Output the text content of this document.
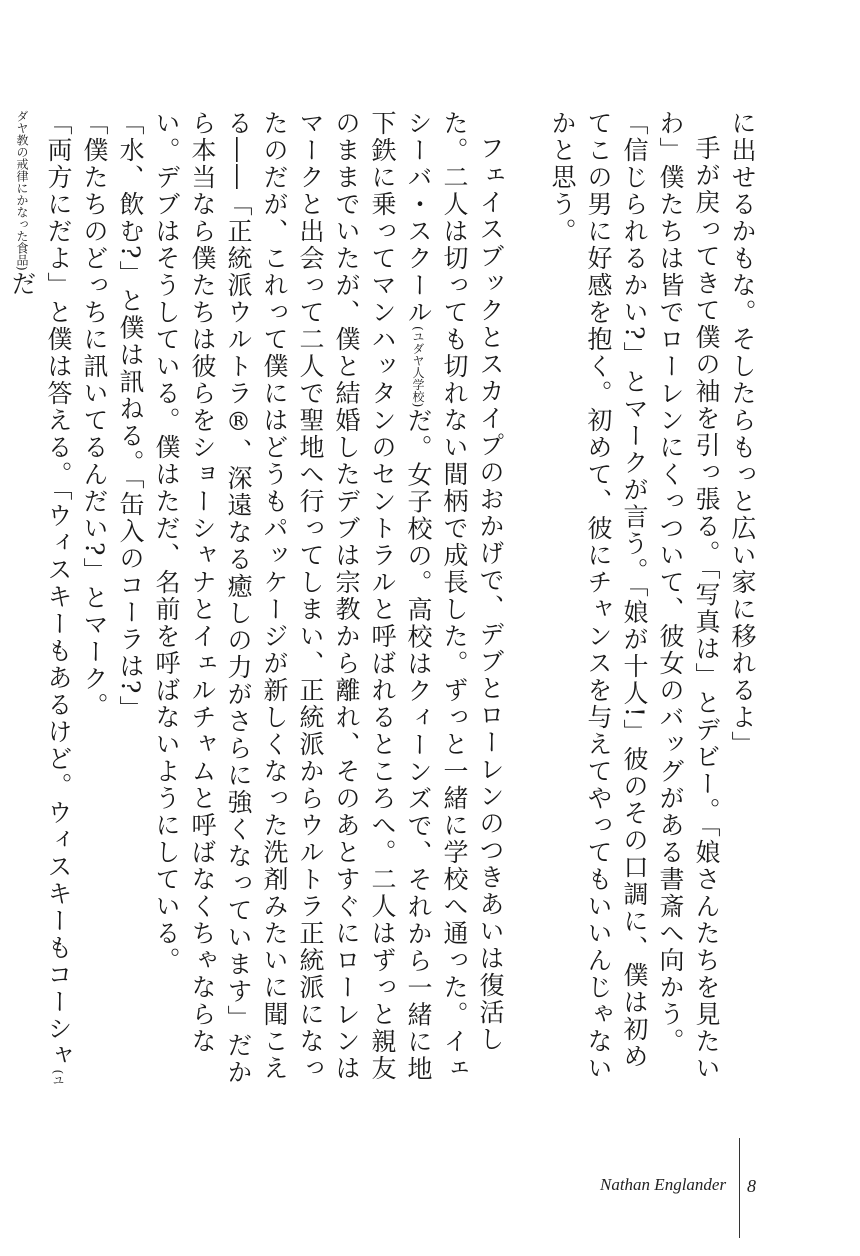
に出せるかもな。そしたらもっと広い家に移れるよ」

手が戻ってきて僕の袖を引っ張る。「写真は」とデビー。「娘さんたちを見たいわ」僕たちは皆でローレンにくっついて、彼女のバッグがある書斎へ向かう。

「信じられるかい?」とマークが言う。「娘が十人!」彼のその口調に、僕は初めてこの男に好感を抱く。初めて、彼にチャンスを与えてやってもいいんじゃないかと思う。

フェイスブックとスカイプのおかげで、デブとローレンのつきあいは復活した。二人は切っても切れない間柄で成長した。ずっと一緒に学校へ通った。イェシーバ・スクール(ユダヤ人学校)だ。女子校の。高校はクィーンズで、それから一緒に地下鉄に乗ってマンハッタンのセントラルと呼ばれるところへ。二人はずっと親友のままでいたが、僕と結婚したデブは宗教から離れ、そのあとすぐにローレンはマークと出会って二人で聖地へ行ってしまい、正統派からウルトラ正統派になったのだが、これって僕にはどうもパッケージが新しくなった洗剤みたいに聞こえる――「正統派ウルトラ®、深遠なる癒しの力がさらに強くなっています」だから本当なら僕たちは彼らをショーシャナとイェルチャムと呼ばなくちゃならない。デブはそうしている。僕はただ、名前を呼ばないようにしている。

「水、飲む?」と僕は訊ねる。「缶入のコーラは?」

「僕たちのどっちに訊いてるんだい?」とマーク。

「両方にだよ」と僕は答える。「ウィスキーもあるけど。ウィスキーもコーシャ(ユダヤ教の戒律にかなった食品)だ

Nathan Englander 8
